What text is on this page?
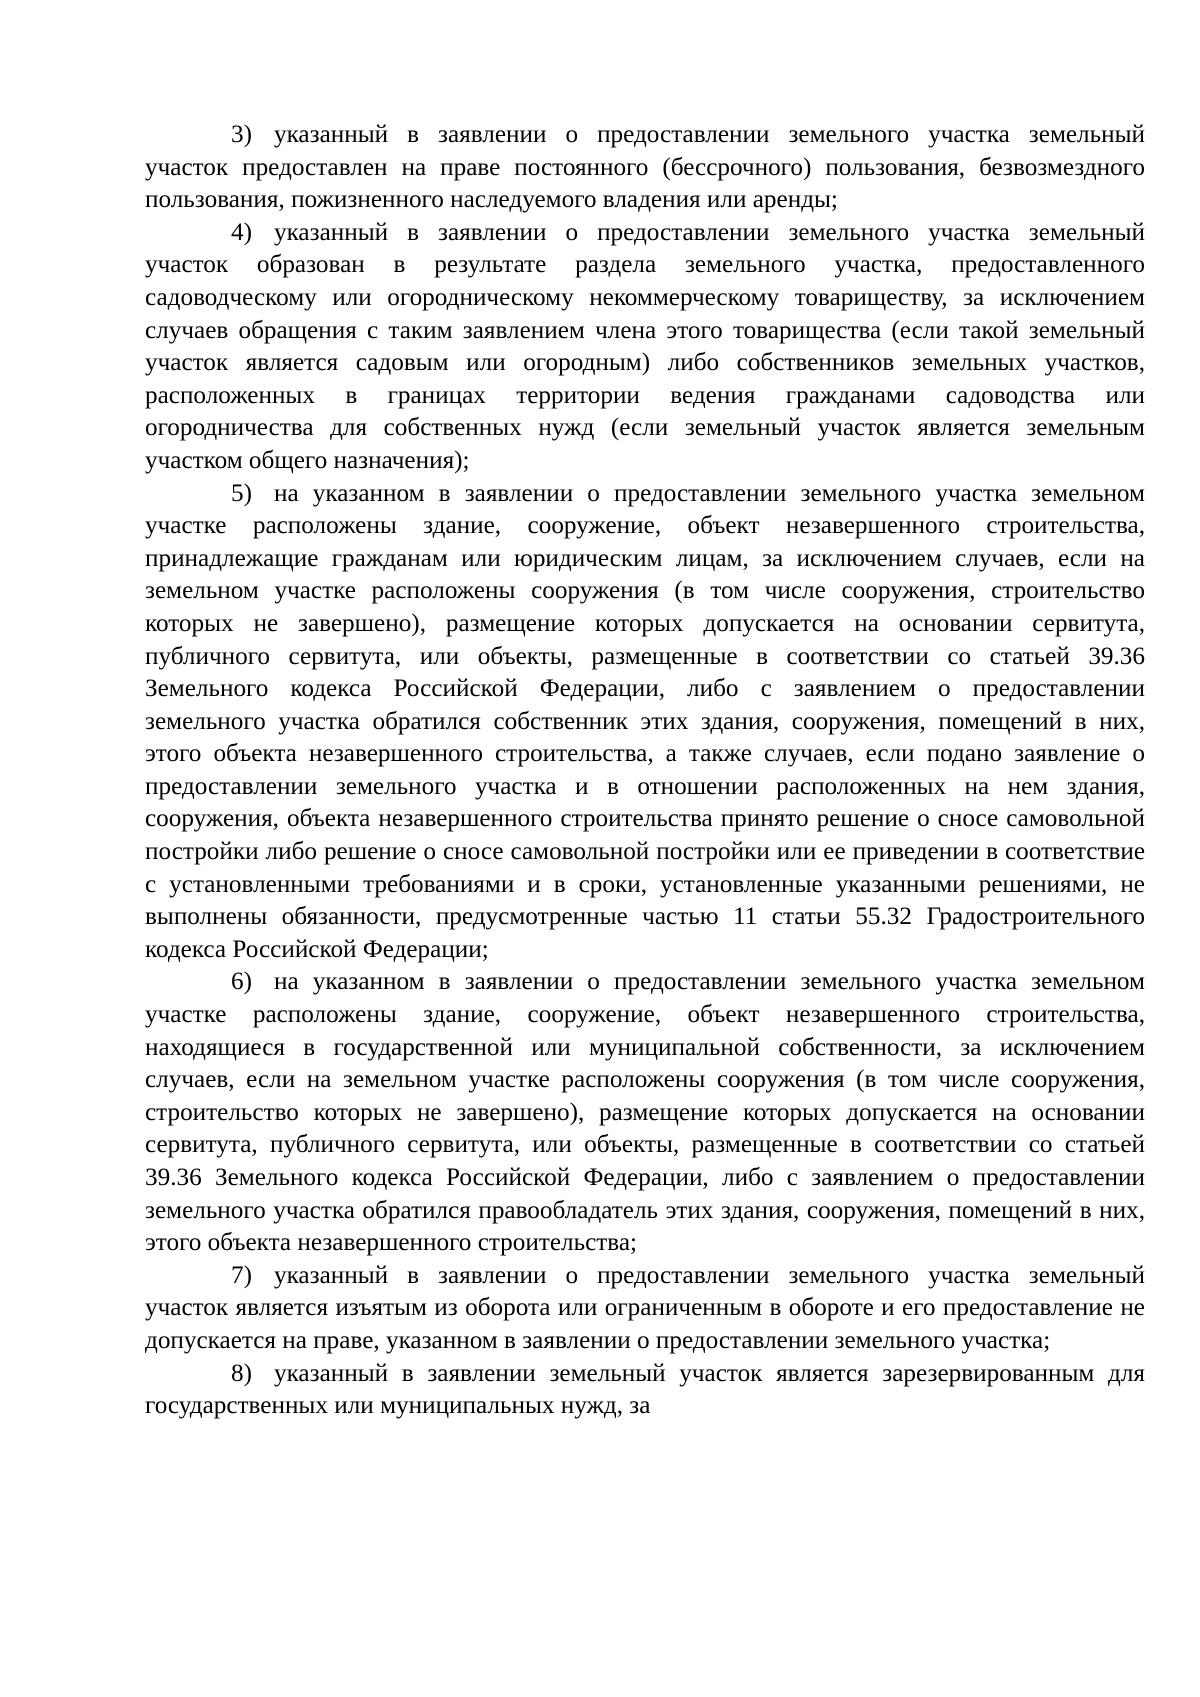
3) указанный в заявлении о предоставлении земельного участка земельный участок предоставлен на праве постоянного (бессрочного) пользования, безвозмездного пользования, пожизненного наследуемого владения или аренды;

4) указанный в заявлении о предоставлении земельного участка земельный участок образован в результате раздела земельного участка, предоставленного садоводческому или огородническому некоммерческому товариществу, за исключением случаев обращения с таким заявлением члена этого товарищества (если такой земельный участок является садовым или огородным) либо собственников земельных участков, расположенных в границах территории ведения гражданами садоводства или огородничества для собственных нужд (если земельный участок является земельным участком общего назначения);

5) на указанном в заявлении о предоставлении земельного участка земельном участке расположены здание, сооружение, объект незавершенного строительства, принадлежащие гражданам или юридическим лицам, за исключением случаев, если на земельном участке расположены сооружения (в том числе сооружения, строительство которых не завершено), размещение которых допускается на основании сервитута, публичного сервитута, или объекты, размещенные в соответствии со статьей 39.36 Земельного кодекса Российской Федерации, либо с заявлением о предоставлении земельного участка обратился собственник этих здания, сооружения, помещений в них, этого объекта незавершенного строительства, а также случаев, если подано заявление о предоставлении земельного участка и в отношении расположенных на нем здания, сооружения, объекта незавершенного строительства принято решение о сносе самовольной постройки либо решение о сносе самовольной постройки или ее приведении в соответствие с установленными требованиями и в сроки, установленные указанными решениями, не выполнены обязанности, предусмотренные частью 11 статьи 55.32 Градостроительного кодекса Российской Федерации;

6) на указанном в заявлении о предоставлении земельного участка земельном участке расположены здание, сооружение, объект незавершенного строительства, находящиеся в государственной или муниципальной собственности, за исключением случаев, если на земельном участке расположены сооружения (в том числе сооружения, строительство которых не завершено), размещение которых допускается на основании сервитута, публичного сервитута, или объекты, размещенные в соответствии со статьей 39.36 Земельного кодекса Российской Федерации, либо с заявлением о предоставлении земельного участка обратился правообладатель этих здания, сооружения, помещений в них, этого объекта незавершенного строительства;

7) указанный в заявлении о предоставлении земельного участка земельный участок является изъятым из оборота или ограниченным в обороте и его предоставление не допускается на праве, указанном в заявлении о предоставлении земельного участка;

8) указанный в заявлении земельный участок является зарезервированным для государственных или муниципальных нужд, за
